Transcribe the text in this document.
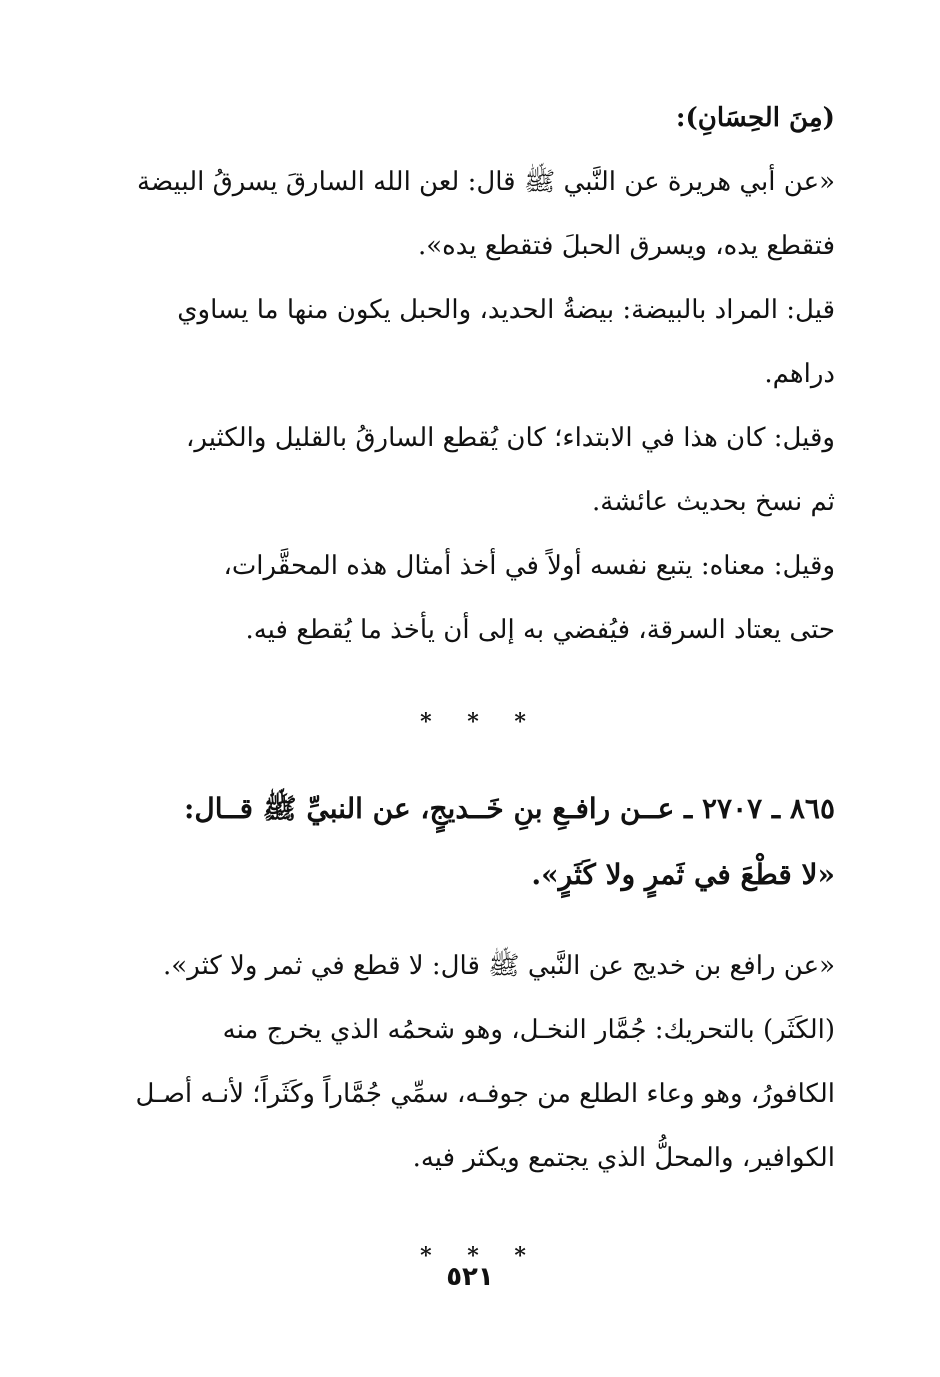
(مِنَ الحِسَانِ):
«عن أبي هريرة عن النَّبي ﷺ قال: لعن الله السارقَ يسرقُ البيضة
فتقطع يده، ويسرق الحبلَ فتقطع يده».
قيل: المراد بالبيضة: بيضةُ الحديد، والحبل يكون منها ما يساوي
دراهم.
وقيل: كان هذا في الابتداء؛ كان يُقطع السارقُ بالقليل والكثير،
ثم نسخ بحديث عائشة.
وقيل: معناه: يتبع نفسه أولاً في أخذ أمثال هذه المحقَّرات،
حتى يعتاد السرقة، فيُفضي به إلى أن يأخذ ما يُقطع فيه.
* * *
٨٦٥ ـ ٢٧٠٧ ـ عــن رافـعِ بنِ خَــديجٍ، عن النبيِّ ﷺ قــال:
«لا قطْعَ في ثَمرٍ ولا كَثَرٍ».
«عن رافع بن خديج عن النَّبي ﷺ قال: لا قطع في ثمر ولا كثر».
(الكَثَر) بالتحريك: جُمَّار النخـل، وهو شحمُه الذي يخرج منه
الكافورُ، وهو وعاء الطلع من جوفـه، سمِّي جُمَّاراً وكَثَراً؛ لأنـه أصـل
الكوافير، والمحلُّ الذي يجتمع ويكثر فيه.
* * *
٥٢١
